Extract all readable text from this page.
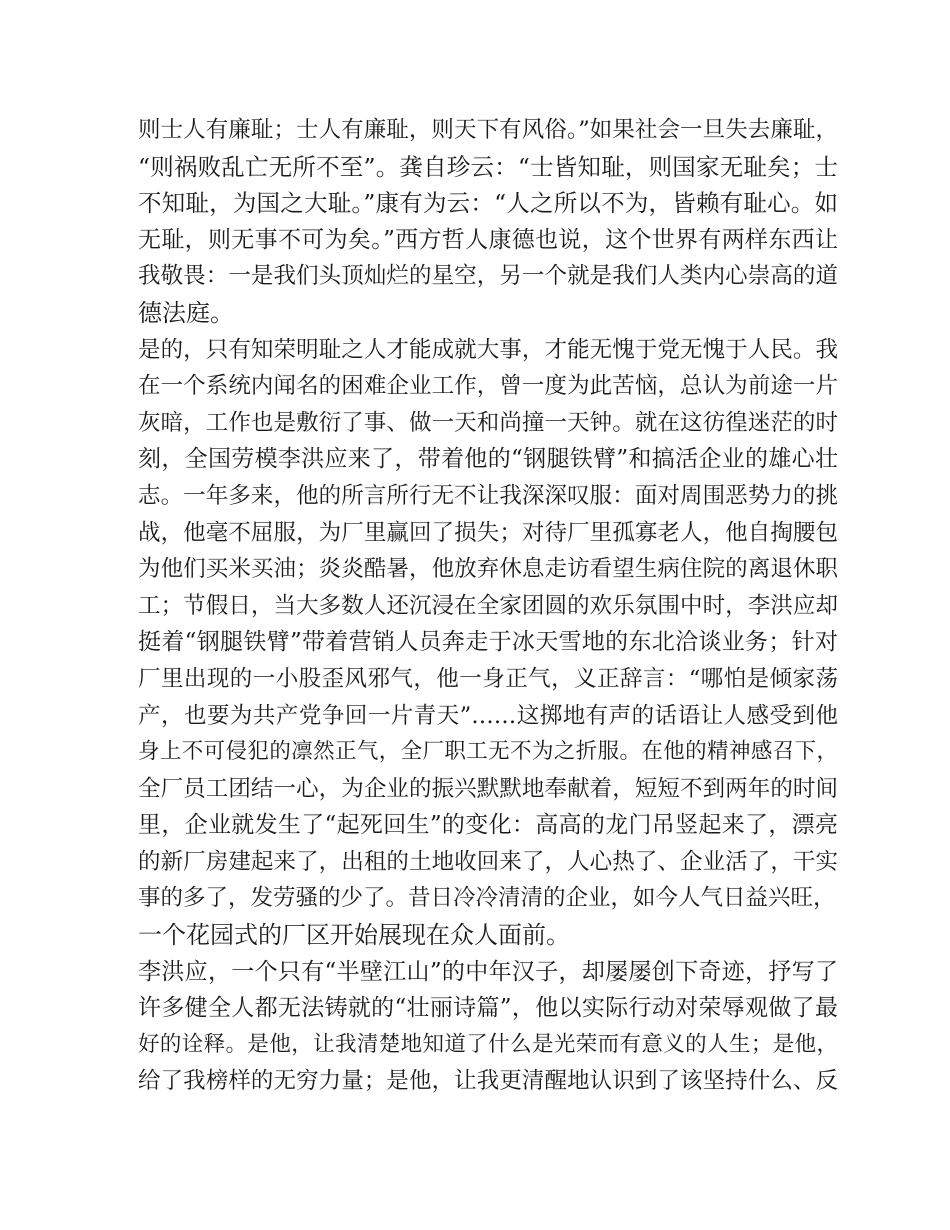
则士人有廉耻；士人有廉耻，则天下有风俗。”如果社会一旦失去廉耻，
“则祸败乱亡无所不至”。龚自珍云：“士皆知耻，则国家无耻矣；士
不知耻，为国之大耻。”康有为云：“人之所以不为，皆赖有耻心。如
无耻，则无事不可为矣。”西方哲人康德也说，这个世界有两样东西让
我敬畏：一是我们头顶灿烂的星空，另一个就是我们人类内心崇高的道
德法庭。
是的，只有知荣明耻之人才能成就大事，才能无愧于党无愧于人民。我
在一个系统内闻名的困难企业工作，曾一度为此苦恼，总认为前途一片
灰暗，工作也是敷衍了事、做一天和尚撞一天钟。就在这彷徨迷茫的时
刻，全国劳模李洪应来了，带着他的“钢腿铁臂”和搞活企业的雄心壮
志。一年多来，他的所言所行无不让我深深叹服：面对周围恶势力的挑
战，他毫不屈服，为厂里赢回了损失；对待厂里孤寡老人，他自掏腰包
为他们买米买油；炎炎酷暑，他放弃休息走访看望生病住院的离退休职
工；节假日，当大多数人还沉浸在全家团圆的欢乐氛围中时，李洪应却
挺着“钢腿铁臂”带着营销人员奔走于冰天雪地的东北洽谈业务；针对
厂里出现的一小股歪风邪气，他一身正气，义正辞言：“哪怕是倾家荡
产，也要为共产党争回一片青天”……这掷地有声的话语让人感受到他
身上不可侵犯的凛然正气，全厂职工无不为之折服。在他的精神感召下，
全厂员工团结一心，为企业的振兴默默地奉献着，短短不到两年的时间
里，企业就发生了“起死回生”的变化：高高的龙门吊竖起来了，漂亮
的新厂房建起来了，出租的土地收回来了，人心热了、企业活了，干实
事的多了，发劳骚的少了。昔日冷冷清清的企业，如今人气日益兴旺，
一个花园式的厂区开始展现在众人面前。
李洪应，一个只有“半壁江山”的中年汉子，却屡屡创下奇迹，抒写了
许多健全人都无法铸就的“壮丽诗篇”，他以实际行动对荣辱观做了最
好的诠释。是他，让我清楚地知道了什么是光荣而有意义的人生；是他，
给了我榜样的无穷力量；是他，让我更清醒地认识到了该坚持什么、反
